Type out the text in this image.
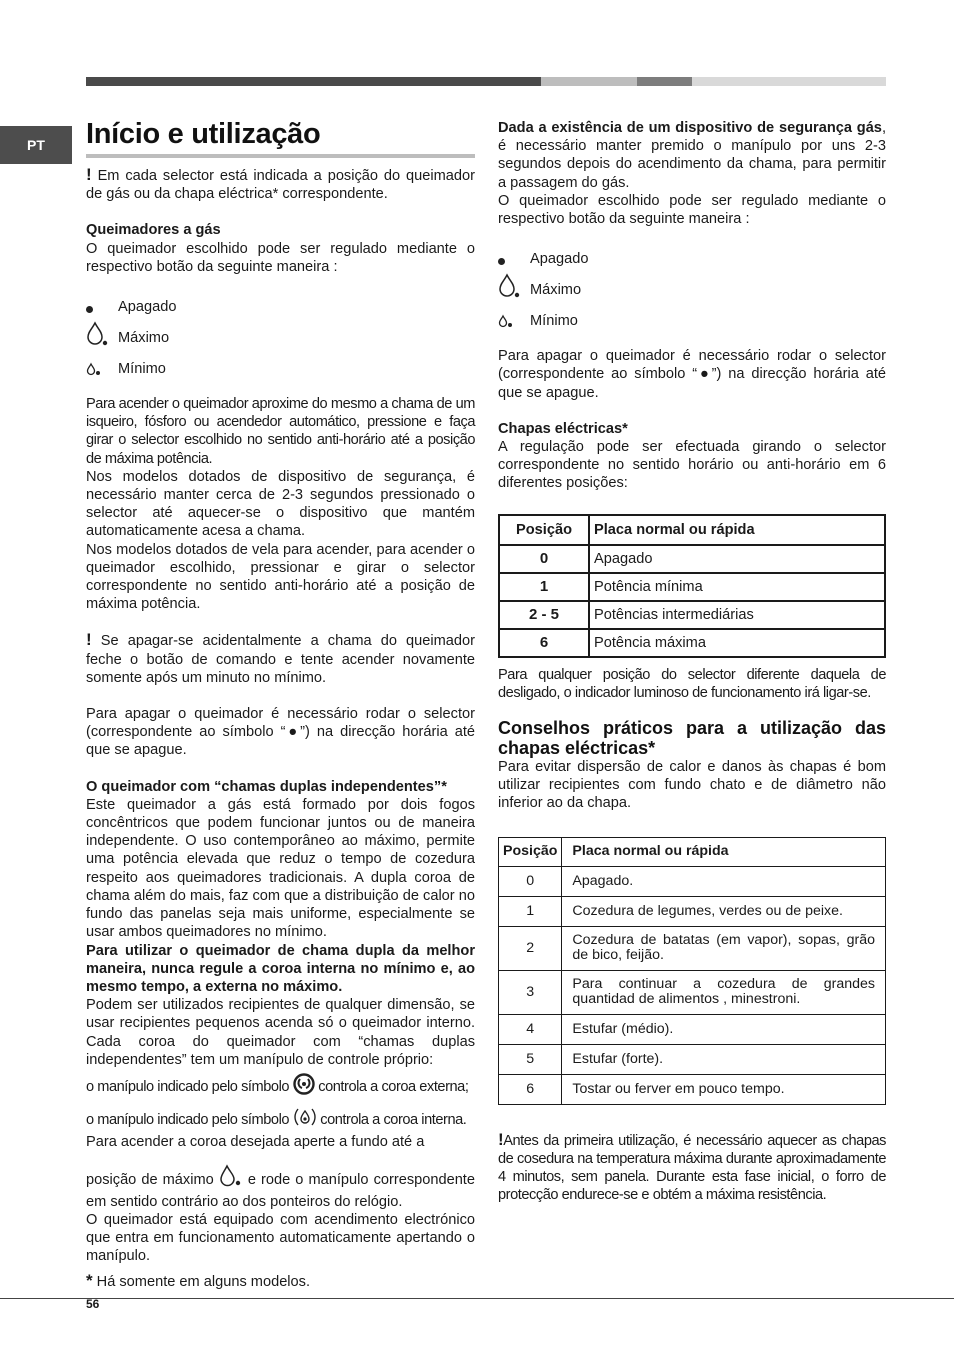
PT	Início e utilização

! Em cada selector está indicada a posição do queimador de gás ou da chapa eléctrica* correspondente.

Queimadores a gás

O queimador escolhido pode ser regulado mediante o respectivo botão da seguinte maneira :

Apagado
Máximo
Mínimo

Para acender o queimador aproxime do mesmo a chama de um isqueiro, fósforo ou acendedor automático, pressione e faça girar o selector escolhido no sentido anti-horário até a posição de máxima potência.

Nos modelos dotados de dispositivo de segurança, é necessário manter cerca de 2-3 segundos pressionado o selector até aquecer-se o dispositivo que mantém automaticamente acesa a chama.

Nos modelos dotados de vela para acender, para acender o queimador escolhido, pressionar e girar o selector correspondente no sentido anti-horário até a posição de máxima potência.

! Se apagar-se acidentalmente a chama do queimador feche o botão de comando e tente acender novamente somente após um minuto no mínimo.

Para apagar o queimador é necessário rodar o selector (correspondente ao símbolo “●”) na direcção horária até que se apague.

O queimador com “chamas duplas independentes”*

Este queimador a gás está formado por dois fogos concêntricos que podem funcionar juntos ou de maneira independente. O uso contemporâneo ao máximo, permite uma potência elevada que reduz o tempo de cozedura respeito aos queimadores tradicionais. A dupla coroa de chama além do mais, faz com que a distribuição de calor no fundo das panelas seja mais uniforme, especialmente se usar ambos queimadores no mínimo.

Para utilizar o queimador de chama dupla da melhor maneira, nunca regule a coroa interna no mínimo e, ao mesmo tempo, a externa no máximo.

Podem ser utilizados recipientes de qualquer dimensão, se usar recipientes pequenos acenda só o queimador interno. Cada coroa do queimador com “chamas duplas independentes” tem um manípulo de controle próprio:

o manípulo indicado pelo símbolo  controla a coroa externa;

o manípulo indicado pelo símbolo  controla a coroa interna.

Para acender a coroa desejada aperte a fundo até a

posição de máximo  e rode o manípulo correspondente em sentido contrário ao dos ponteiros do relógio.

O queimador está equipado com acendimento electrónico que entra em funcionamento automaticamente apertando o manípulo.

* Há somente em alguns modelos.

Dada a existência de um dispositivo de segurança gás, é necessário manter premido o manípulo por uns 2-3 segundos depois do acendimento da chama, para permitir a passagem do gás.

O queimador escolhido pode ser regulado mediante o respectivo botão da seguinte maneira :

Apagado
Máximo
Mínimo

Para apagar o queimador é necessário rodar o selector (correspondente ao símbolo “●”) na direcção horária até que se apague.

Chapas eléctricas*

A regulação pode ser efectuada girando o selector correspondente no sentido horário ou anti-horário em 6 diferentes posições:

Posição	Placa normal ou rápida
0	Apagado
1	Potência mínima
2 - 5	Potências intermediárias
6	Potência máxima

Para qualquer posição do selector diferente daquela de desligado, o indicador luminoso de funcionamento irá ligar-se.

Conselhos práticos para a utilização das chapas eléctricas*

Para evitar dispersão de calor e danos às chapas é bom utilizar recipientes com fundo chato e de diâmetro não inferior ao da chapa.

Posição	Placa normal ou rápida
0	Apagado.
1	Cozedura de legumes, verdes ou de peixe.
2	Cozedura de batatas (em vapor), sopas, grão de bico, feijão.
3	Para continuar a cozedura de grandes quantidad de alimentos , minestroni.
4	Estufar (médio).
5	Estufar (forte).
6	Tostar ou ferver em pouco tempo.

!Antes da primeira utilização, é necessário aquecer as chapas de cosedura na temperatura máxima durante aproximadamente 4 minutos, sem panela. Durante esta fase inicial, o forro de protecção endurece-se e obtém a máxima resistência.

56
